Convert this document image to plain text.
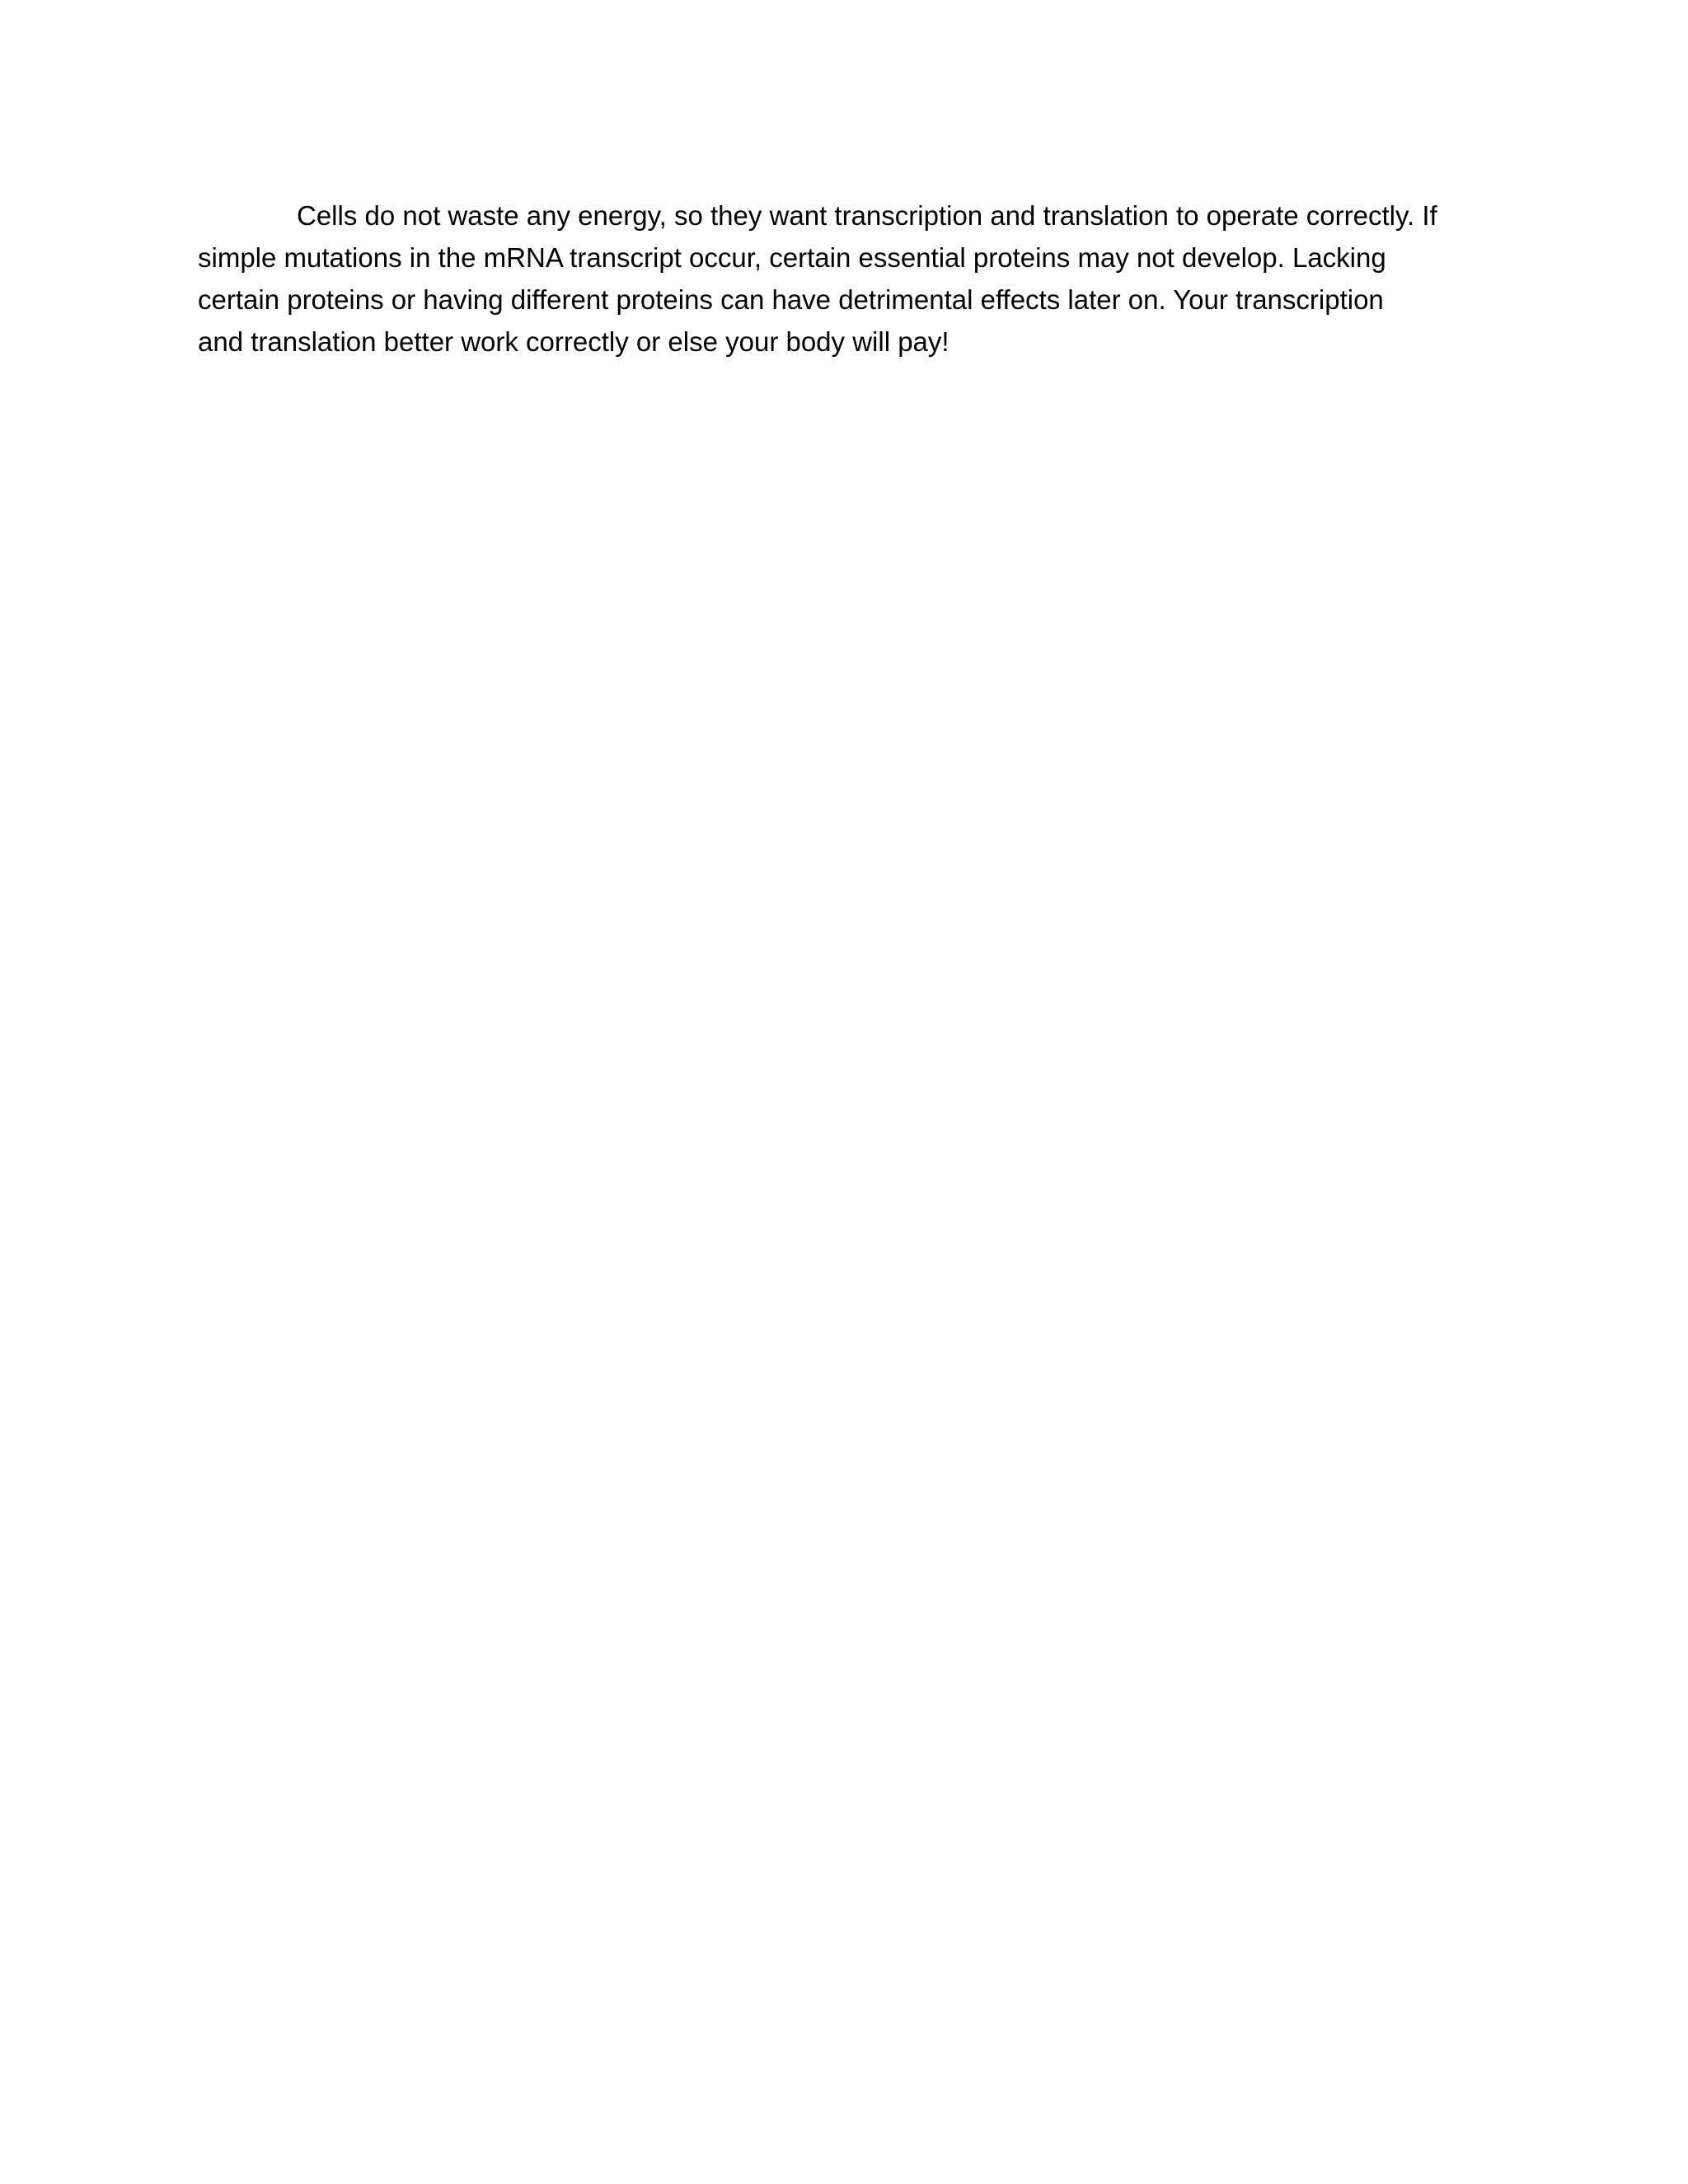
Cells do not waste any energy, so they want transcription and translation to operate correctly. If
simple mutations in the mRNA transcript occur, certain essential proteins may not develop. Lacking
certain proteins or having different proteins can have detrimental effects later on. Your transcription
and translation better work correctly or else your body will pay!
